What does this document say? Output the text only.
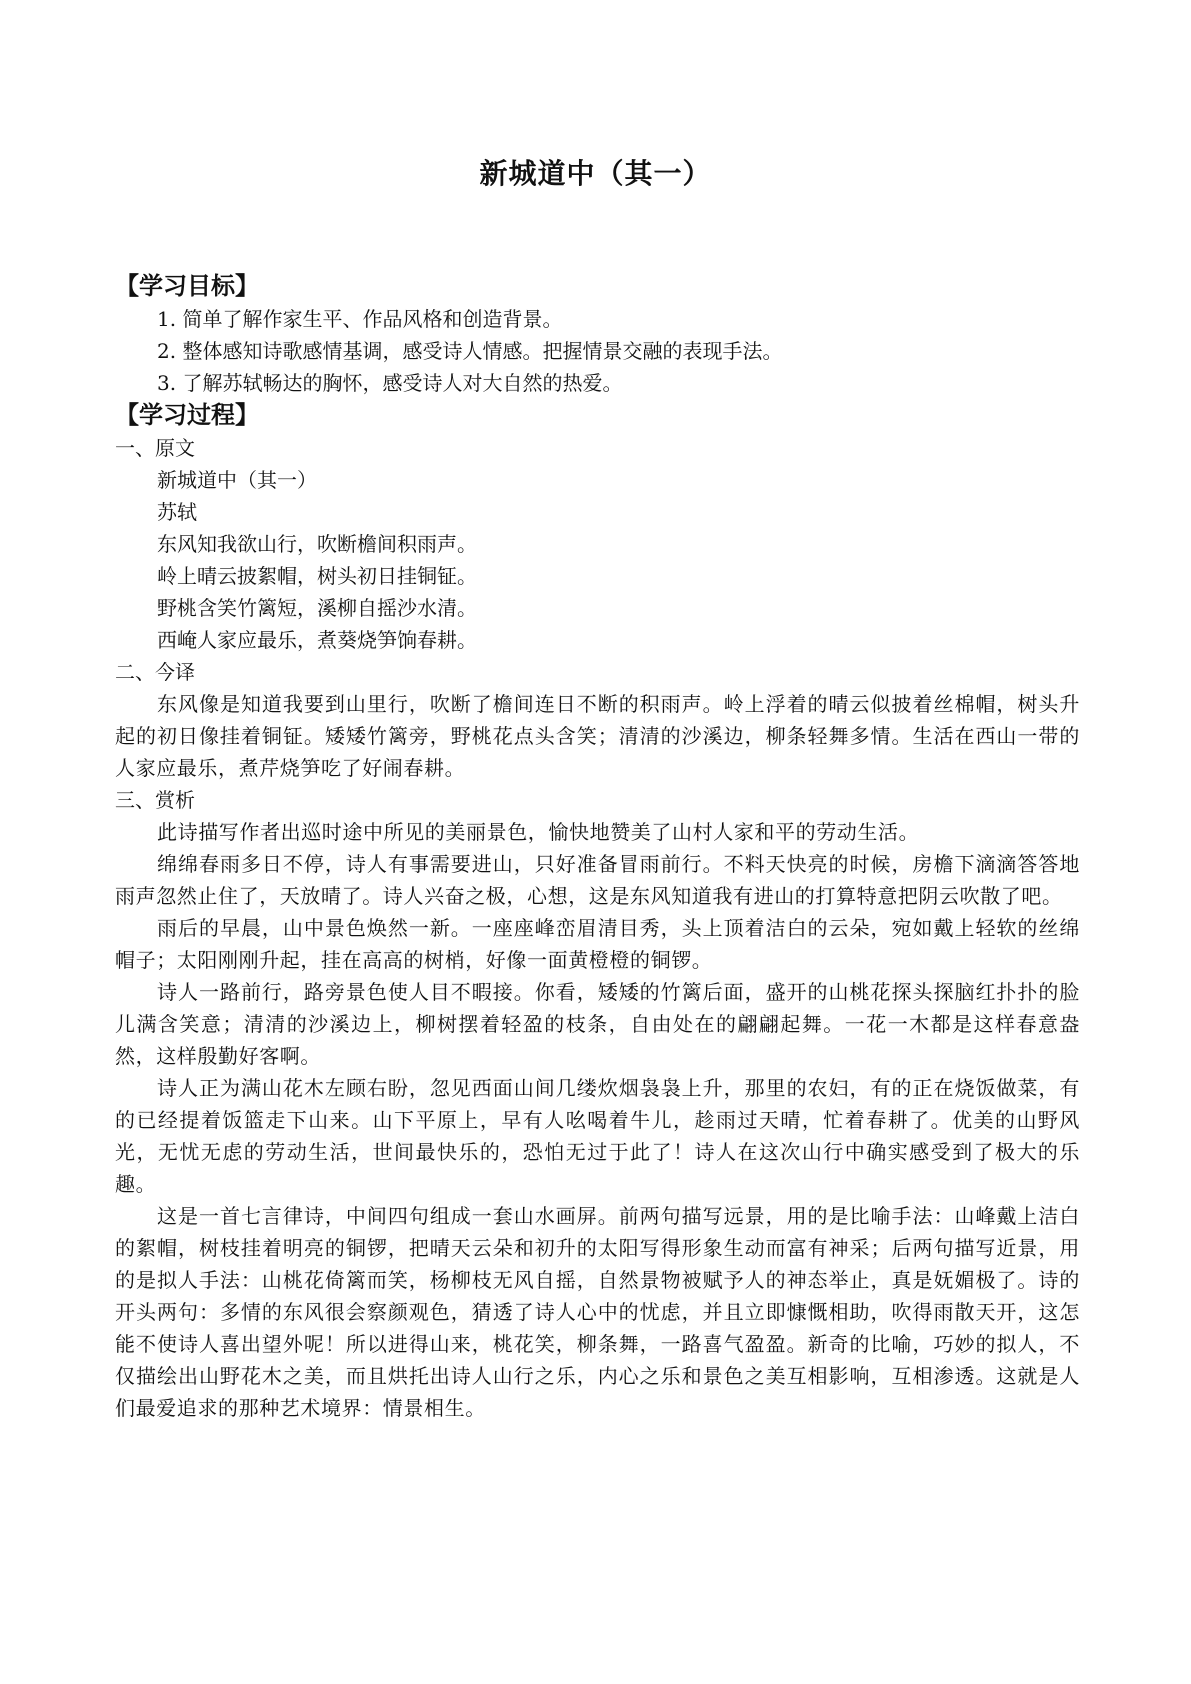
新城道中（其一）
【学习目标】
1. 简单了解作家生平、作品风格和创造背景。
2. 整体感知诗歌感情基调，感受诗人情感。把握情景交融的表现手法。
3. 了解苏轼畅达的胸怀，感受诗人对大自然的热爱。
【学习过程】
一、原文
新城道中（其一）
苏轼
东风知我欲山行，吹断檐间积雨声。
岭上晴云披絮帽，树头初日挂铜钲。
野桃含笑竹篱短，溪柳自摇沙水清。
西崦人家应最乐，煮葵烧笋饷春耕。
二、今译

东风像是知道我要到山里行，吹断了檐间连日不断的积雨声。岭上浮着的晴云似披着丝棉帽，树头升起的初日像挂着铜钲。矮矮竹篱旁，野桃花点头含笑；清清的沙溪边，柳条轻舞多情。生活在西山一带的人家应最乐，煮芹烧笋吃了好闹春耕。

三、赏析

此诗描写作者出巡时途中所见的美丽景色，愉快地赞美了山村人家和平的劳动生活。

绵绵春雨多日不停，诗人有事需要进山，只好准备冒雨前行。不料天快亮的时候，房檐下滴滴答答地雨声忽然止住了，天放晴了。诗人兴奋之极，心想，这是东风知道我有进山的打算特意把阴云吹散了吧。

雨后的早晨，山中景色焕然一新。一座座峰峦眉清目秀，头上顶着洁白的云朵，宛如戴上轻软的丝绵帽子；太阳刚刚升起，挂在高高的树梢，好像一面黄橙橙的铜锣。

诗人一路前行，路旁景色使人目不暇接。你看，矮矮的竹篱后面，盛开的山桃花探头探脑红扑扑的脸儿满含笑意；清清的沙溪边上，柳树摆着轻盈的枝条，自由处在的翩翩起舞。一花一木都是这样春意盎然，这样殷勤好客啊。

诗人正为满山花木左顾右盼，忽见西面山间几缕炊烟袅袅上升，那里的农妇，有的正在烧饭做菜，有的已经提着饭篮走下山来。山下平原上，早有人吆喝着牛儿，趁雨过天晴，忙着春耕了。优美的山野风光，无忧无虑的劳动生活，世间最快乐的，恐怕无过于此了！诗人在这次山行中确实感受到了极大的乐趣。

这是一首七言律诗，中间四句组成一套山水画屏。前两句描写远景，用的是比喻手法：山峰戴上洁白的絮帽，树枝挂着明亮的铜锣，把晴天云朵和初升的太阳写得形象生动而富有神采；后两句描写近景，用的是拟人手法：山桃花倚篱而笑，杨柳枝无风自摇，自然景物被赋予人的神态举止，真是妩媚极了。诗的开头两句：多情的东风很会察颜观色，猜透了诗人心中的忧虑，并且立即慷慨相助，吹得雨散天开，这怎能不使诗人喜出望外呢！所以进得山来，桃花笑，柳条舞，一路喜气盈盈。新奇的比喻，巧妙的拟人，不仅描绘出山野花木之美，而且烘托出诗人山行之乐，内心之乐和景色之美互相影响，互相渗透。这就是人们最爱追求的那种艺术境界：情景相生。
